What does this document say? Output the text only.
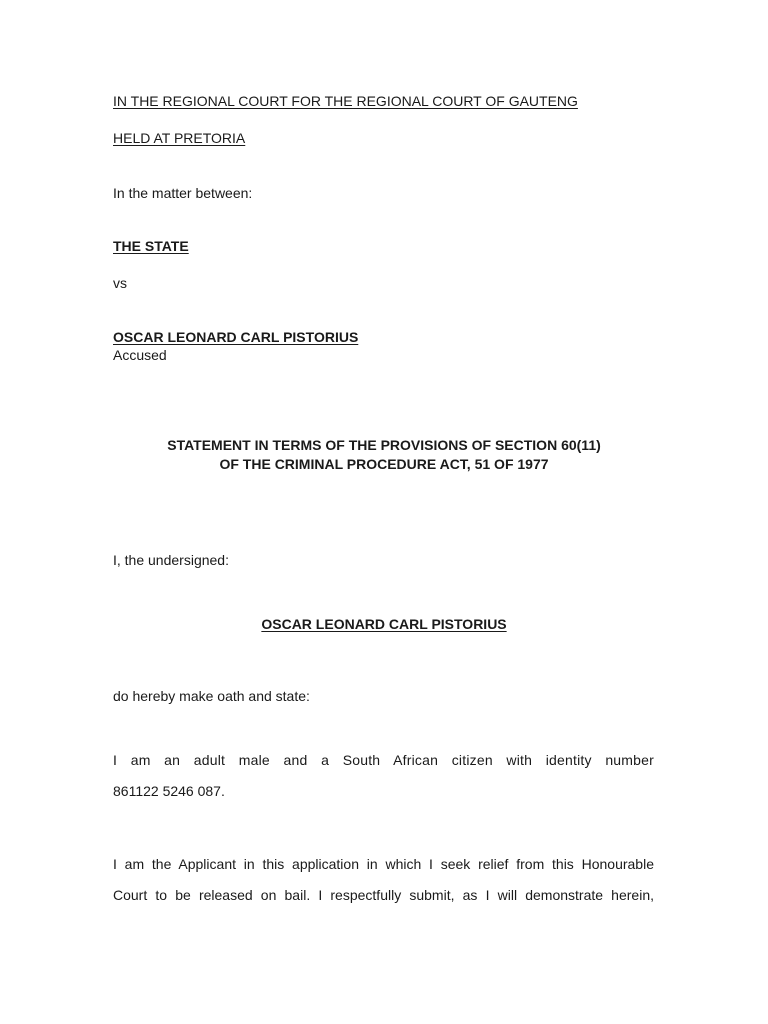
IN THE REGIONAL COURT FOR THE REGIONAL COURT OF GAUTENG
HELD AT PRETORIA
In the matter between:
THE STATE
vs
OSCAR LEONARD CARL PISTORIUS
Accused
STATEMENT IN TERMS OF THE PROVISIONS OF SECTION 60(11)
OF THE CRIMINAL PROCEDURE ACT, 51 OF 1977
I, the undersigned:
OSCAR LEONARD CARL PISTORIUS
do hereby make oath and state:
I am an adult male and a South African citizen with identity number
861122 5246 087.
I am the Applicant in this application in which I seek relief from this Honourable
Court to be released on bail. I respectfully submit, as I will demonstrate herein,
